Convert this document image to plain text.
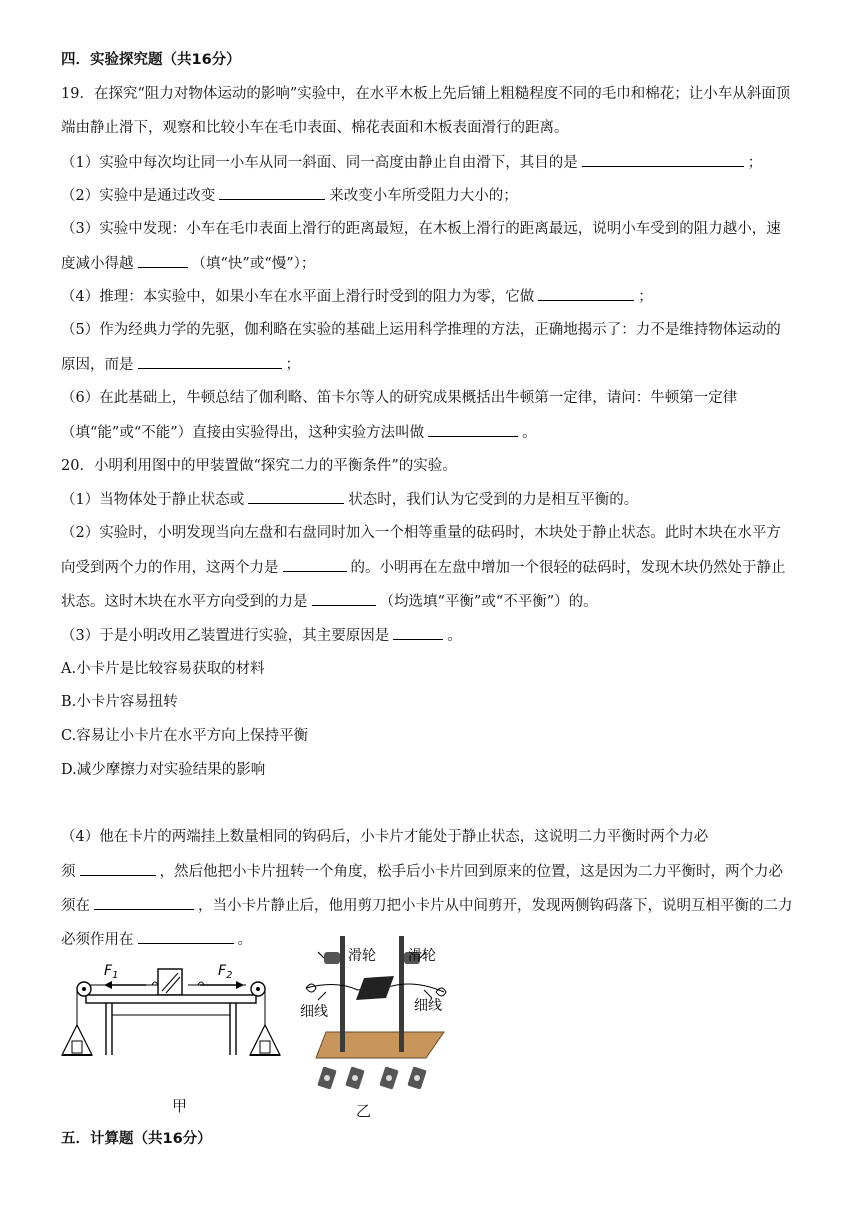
四．实验探究题（共16分）
19．在探究“阻力对物体运动的影响”实验中，在水平木板上先后铺上粗糙程度不同的毛巾和棉花；让小车从斜面顶
端由静止滑下，观察和比较小车在毛巾表面、棉花表面和木板表面滑行的距离。
（1）实验中每次均让同一小车从同一斜面、同一高度由静止自由滑下，其目的是	；
（2）实验中是通过改变	来改变小车所受阻力大小的；
（3）实验中发现：小车在毛巾表面上滑行的距离最短，在木板上滑行的距离最远，说明小车受到的阻力越小，速
度减小得越	（填“快”或“慢”）；
（4）推理：本实验中，如果小车在水平面上滑行时受到的阻力为零，它做	；
（5）作为经典力学的先驱，伽利略在实验的基础上运用科学推理的方法，正确地揭示了：力不是维持物体运动的
原因，而是	；
（6）在此基础上，牛顿总结了伽利略、笛卡尔等人的研究成果概括出牛顿第一定律，请问：牛顿第一定律
（填“能”或“不能”）直接由实验得出，这种实验方法叫做	。
20．小明利用图中的甲装置做“探究二力的平衡条件”的实验。
（1）当物体处于静止状态或	状态时，我们认为它受到的力是相互平衡的。
（2）实验时，小明发现当向左盘和右盘同时加入一个相等重量的砝码时，木块处于静止状态。此时木块在水平方
向受到两个力的作用，这两个力是	的。小明再在左盘中增加一个很轻的砝码时，发现木块仍然处于静止
状态。这时木块在水平方向受到的力是	（均选填“平衡”或“不平衡”）的。
（3）于是小明改用乙装置进行实验，其主要原因是	。
A.小卡片是比较容易获取的材料
B.小卡片容易扭转
C.容易让小卡片在水平方向上保持平衡
D.减少摩擦力对实验结果的影响
（4）他在卡片的两端挂上数量相同的钩码后，小卡片才能处于静止状态，这说明二力平衡时两个力必
须	，然后他把小卡片扭转一个角度，松手后小卡片回到原来的位置，这是因为二力平衡时，两个力必
须在	，当小卡片静止后，他用剪刀把小卡片从中间剪开，发现两侧钩码落下，说明互相平衡的二力
必须作用在	。
$F_1$	$F_2$
甲
滑轮 滑轮
细线	细线
乙
五．计算题（共16分）
